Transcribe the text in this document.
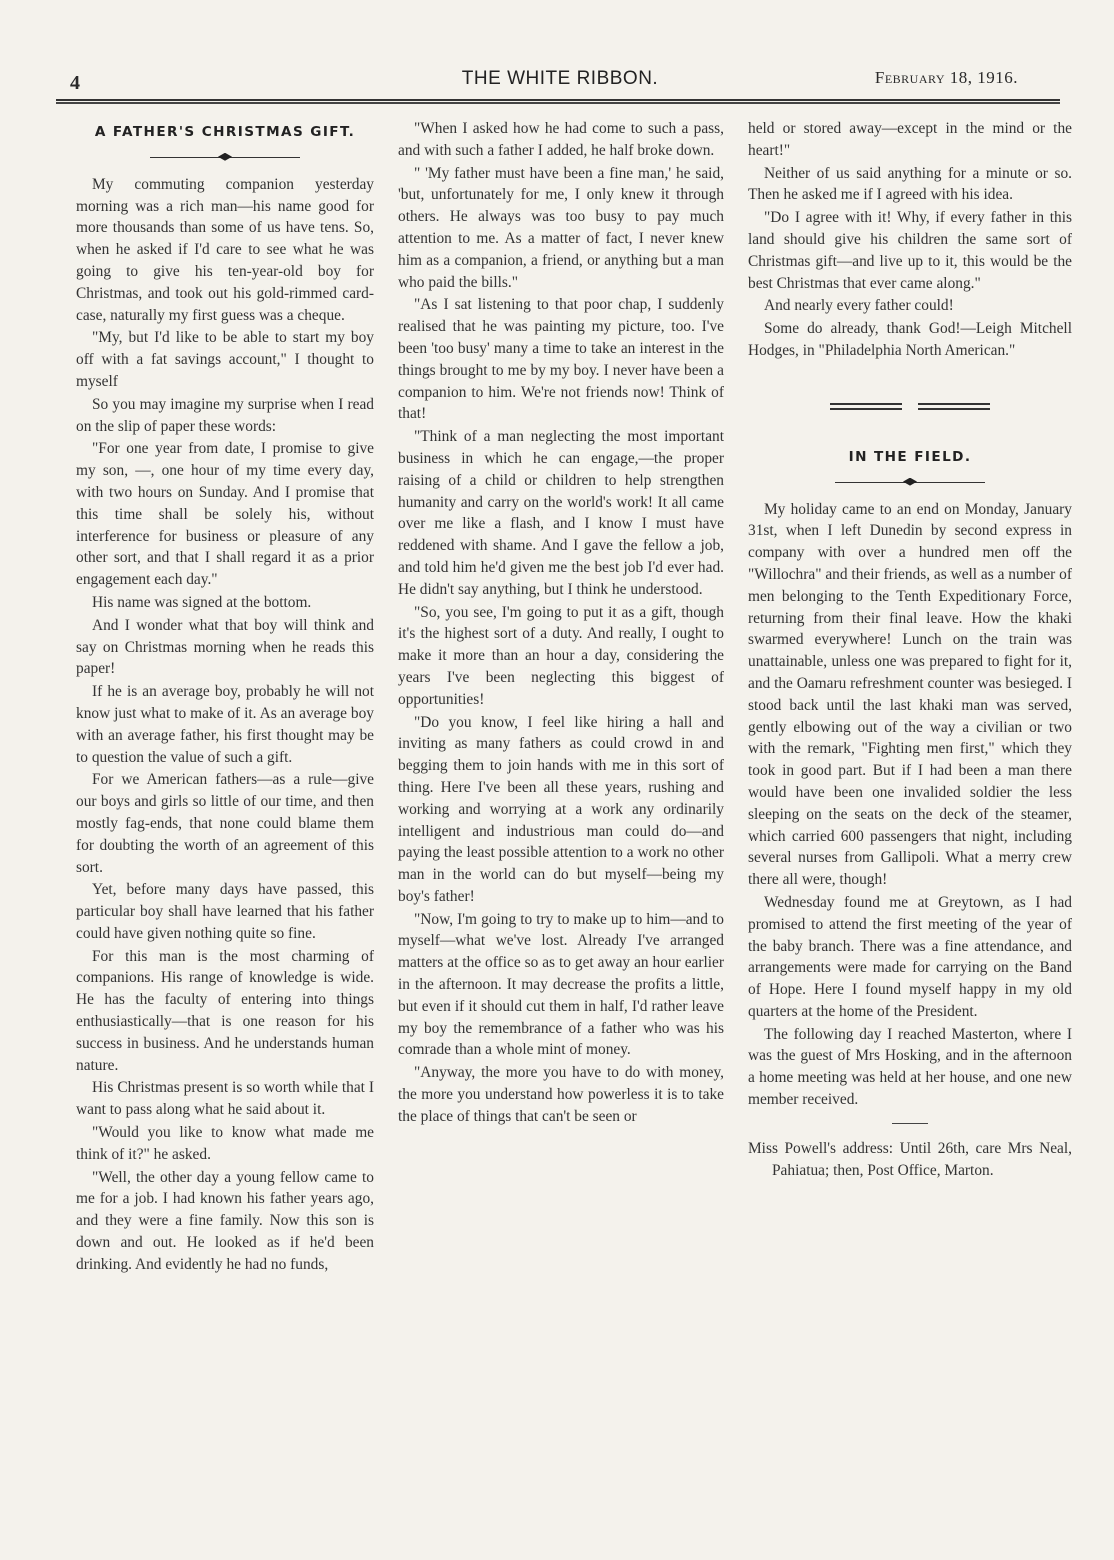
4	THE WHITE RIBBON.	February 18, 1916.
A FATHER'S CHRISTMAS GIFT.

My commuting companion yesterday morning was a rich man—his name good for more thousands than some of us have tens. So, when he asked if I'd care to see what he was going to give his ten-year-old boy for Christmas, and took out his gold-rimmed card-case, naturally my first guess was a cheque.

"My, but I'd like to be able to start my boy off with a fat savings account," I thought to myself

So you may imagine my surprise when I read on the slip of paper these words:

"For one year from date, I promise to give my son, —, one hour of my time every day, with two hours on Sunday. And I promise that this time shall be solely his, without interference for business or pleasure of any other sort, and that I shall regard it as a prior engagement each day."

His name was signed at the bottom.

And I wonder what that boy will think and say on Christmas morning when he reads this paper!

If he is an average boy, probably he will not know just what to make of it. As an average boy with an average father, his first thought may be to question the value of such a gift.

For we American fathers—as a rule—give our boys and girls so little of our time, and then mostly fag-ends, that none could blame them for doubting the worth of an agreement of this sort.

Yet, before many days have passed, this particular boy shall have learned that his father could have given nothing quite so fine.

For this man is the most charming of companions. His range of knowledge is wide. He has the faculty of entering into things enthusiastically—that is one reason for his success in business. And he understands human nature.

His Christmas present is so worth while that I want to pass along what he said about it.

"Would you like to know what made me think of it?" he asked.

"Well, the other day a young fellow came to me for a job. I had known his father years ago, and they were a fine family. Now this son is down and out. He looked as if he'd been drinking. And evidently he had no funds,

"When I asked how he had come to such a pass, and with such a father I added, he half broke down.

" 'My father must have been a fine man,' he said, 'but, unfortunately for me, I only knew it through others. He always was too busy to pay much attention to me. As a matter of fact, I never knew him as a companion, a friend, or anything but a man who paid the bills."

"As I sat listening to that poor chap, I suddenly realised that he was painting my picture, too. I've been 'too busy' many a time to take an interest in the things brought to me by my boy. I never have been a companion to him. We're not friends now! Think of that!

"Think of a man neglecting the most important business in which he can engage,—the proper raising of a child or children to help strengthen humanity and carry on the world's work! It all came over me like a flash, and I know I must have reddened with shame. And I gave the fellow a job, and told him he'd given me the best job I'd ever had. He didn't say anything, but I think he understood.

"So, you see, I'm going to put it as a gift, though it's the highest sort of a duty. And really, I ought to make it more than an hour a day, considering the years I've been neglecting this biggest of opportunities!

"Do you know, I feel like hiring a hall and inviting as many fathers as could crowd in and begging them to join hands with me in this sort of thing. Here I've been all these years, rushing and working and worrying at a work any ordinarily intelligent and industrious man could do—and paying the least possible attention to a work no other man in the world can do but myself—being my boy's father!

"Now, I'm going to try to make up to him—and to myself—what we've lost. Already I've arranged matters at the office so as to get away an hour earlier in the afternoon. It may decrease the profits a little, but even if it should cut them in half, I'd rather leave my boy the remembrance of a father who was his comrade than a whole mint of money.

"Anyway, the more you have to do with money, the more you understand how powerless it is to take the place of things that can't be seen or

held or stored away—except in the mind or the heart!"

Neither of us said anything for a minute or so. Then he asked me if I agreed with his idea.

"Do I agree with it! Why, if every father in this land should give his children the same sort of Christmas gift—and live up to it, this would be the best Christmas that ever came along."

And nearly every father could!

Some do already, thank God!—Leigh Mitchell Hodges, in "Philadelphia North American."

IN THE FIELD.

My holiday came to an end on Monday, January 31st, when I left Dunedin by second express in company with over a hundred men off the "Willochra" and their friends, as well as a number of men belonging to the Tenth Expeditionary Force, returning from their final leave. How the khaki swarmed everywhere! Lunch on the train was unattainable, unless one was prepared to fight for it, and the Oamaru refreshment counter was besieged. I stood back until the last khaki man was served, gently elbowing out of the way a civilian or two with the remark, "Fighting men first," which they took in good part. But if I had been a man there would have been one invalided soldier the less sleeping on the seats on the deck of the steamer, which carried 600 passengers that night, including several nurses from Gallipoli. What a merry crew there all were, though!

Wednesday found me at Greytown, as I had promised to attend the first meeting of the year of the baby branch. There was a fine attendance, and arrangements were made for carrying on the Band of Hope. Here I found myself happy in my old quarters at the home of the President.

The following day I reached Masterton, where I was the guest of Mrs Hosking, and in the afternoon a home meeting was held at her house, and one new member received.

Miss Powell's address: Until 26th, care Mrs Neal, Pahiatua; then, Post Office, Marton.
